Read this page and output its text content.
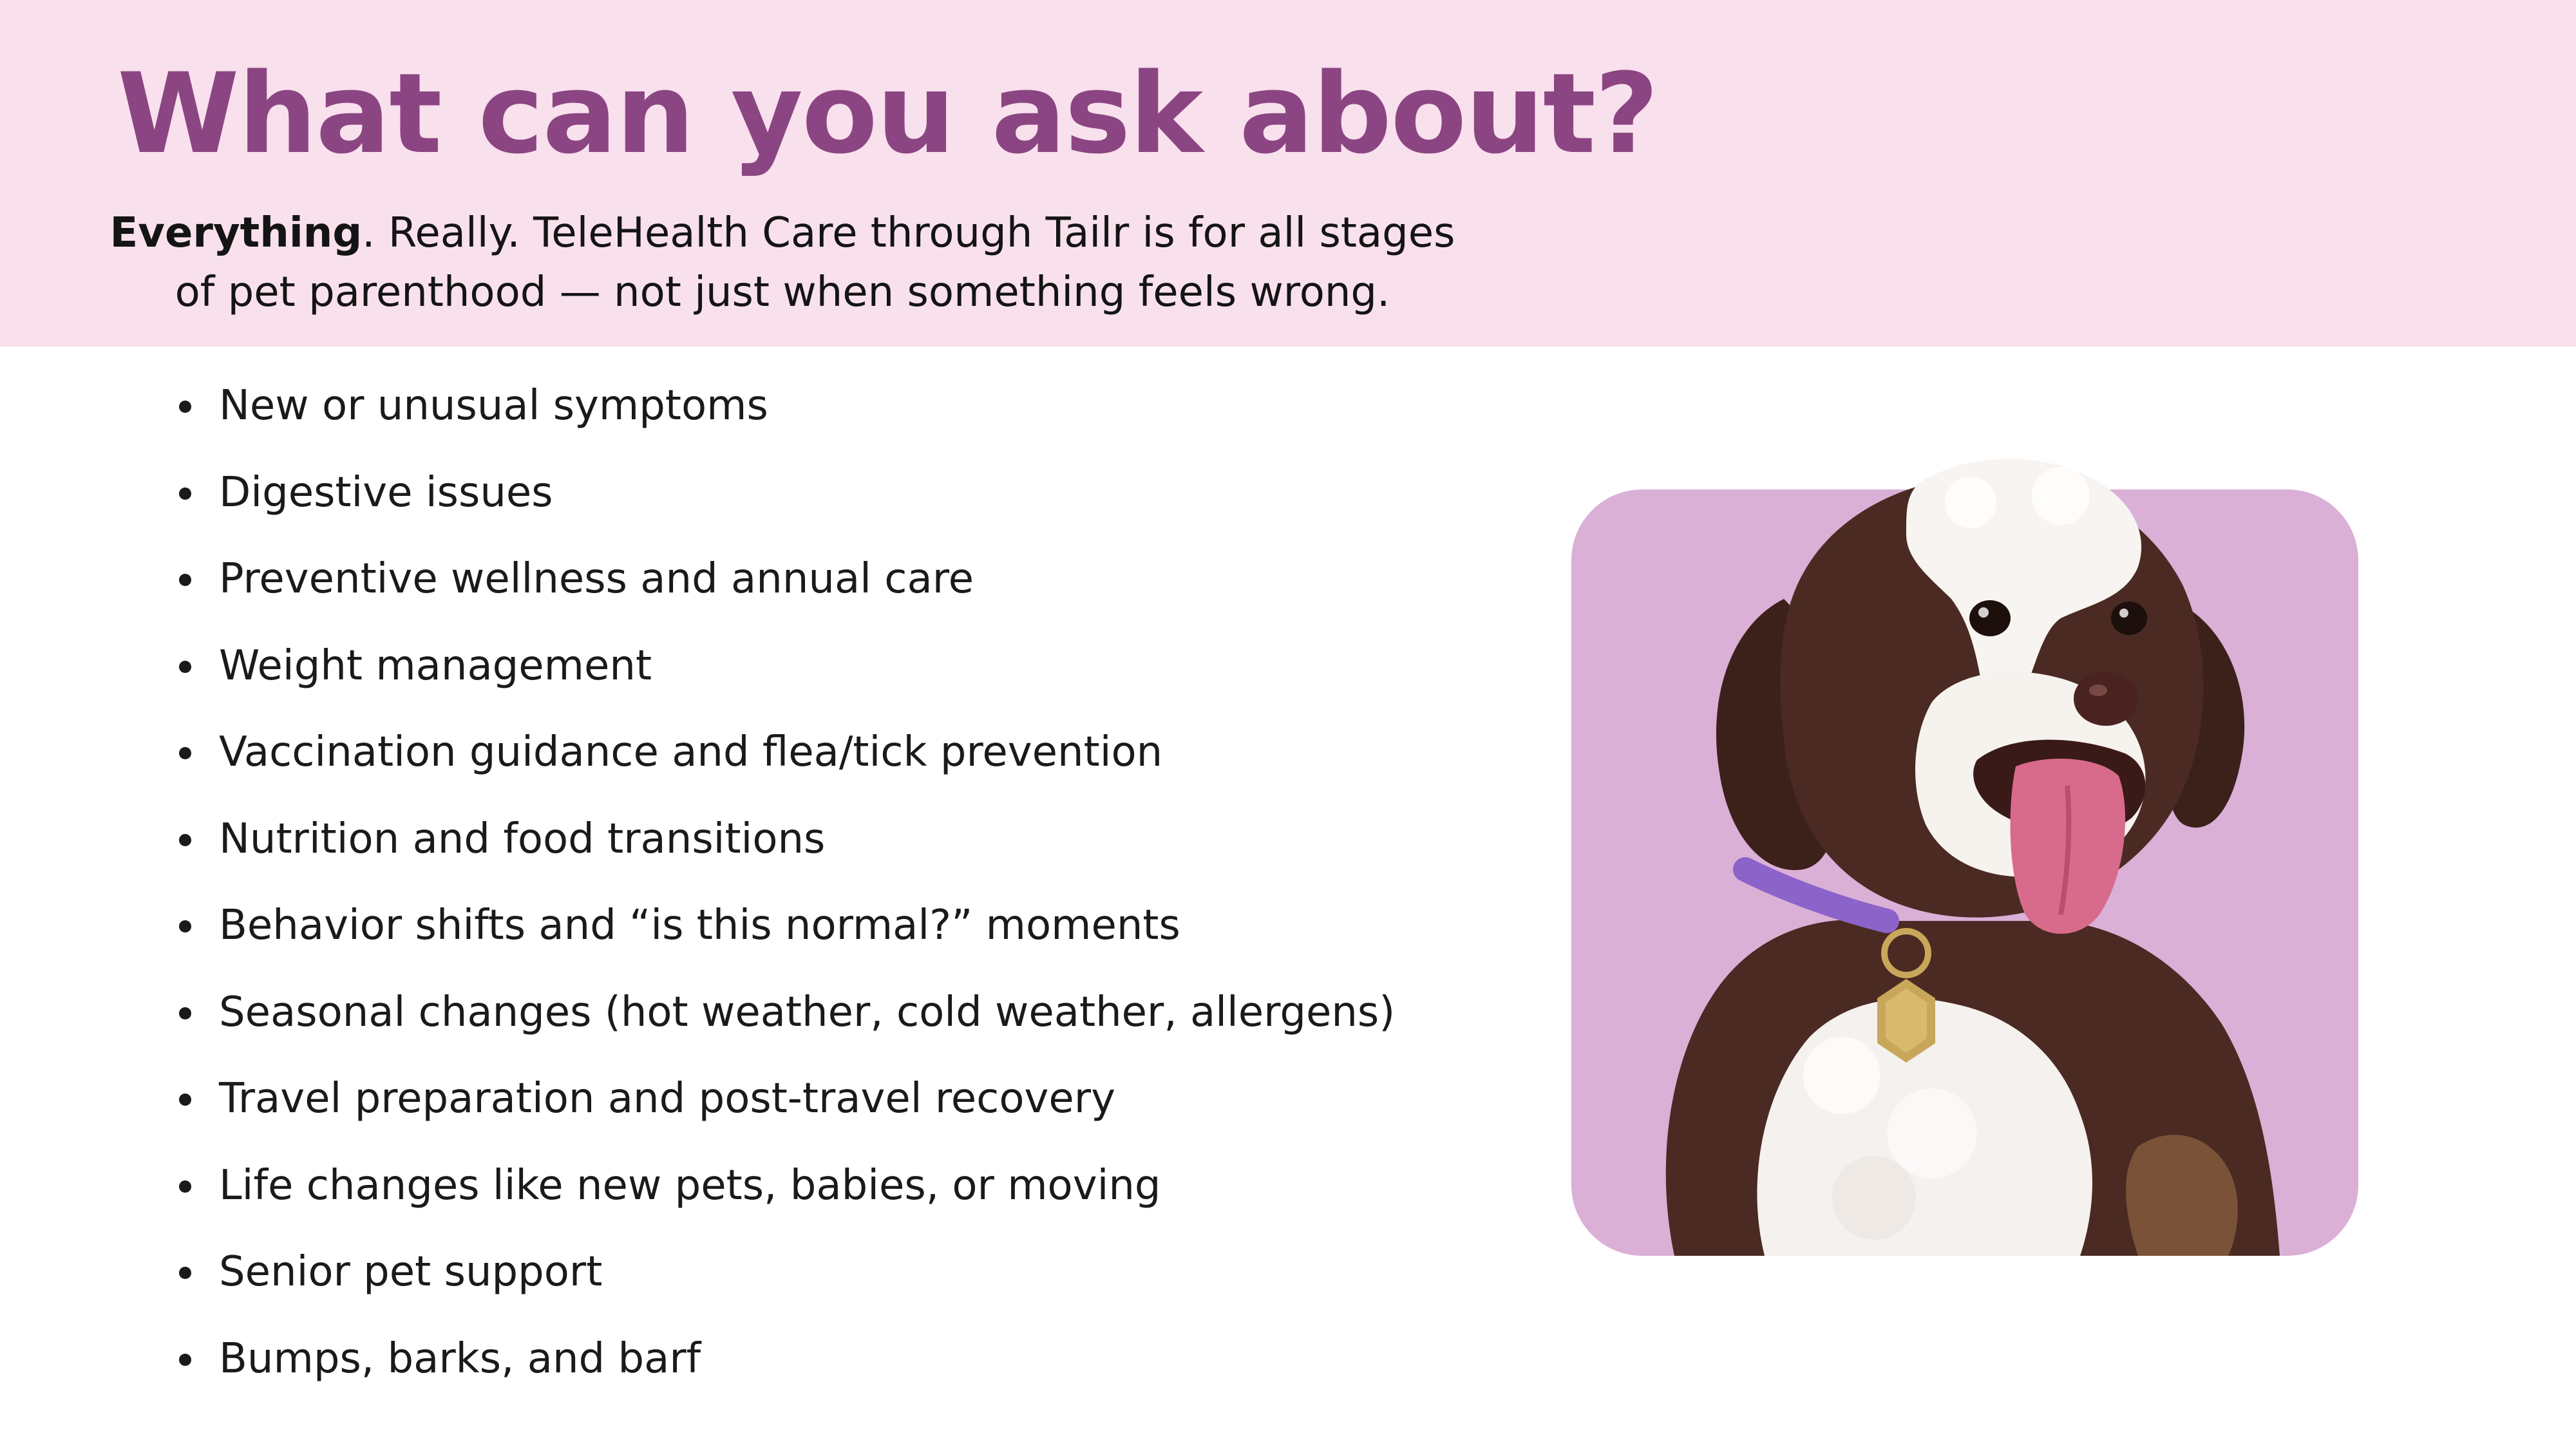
What can you ask about?

Everything. Really. TeleHealth Care through Tailr is for all stages of pet parenthood — not just when something feels wrong.

New or unusual symptoms
Digestive issues
Preventive wellness and annual care
Weight management
Vaccination guidance and flea/tick prevention
Nutrition and food transitions
Behavior shifts and “is this normal?” moments
Seasonal changes (hot weather, cold weather, allergens)
Travel preparation and post-travel recovery
Life changes like new pets, babies, or moving
Senior pet support
Bumps, barks, and barf
